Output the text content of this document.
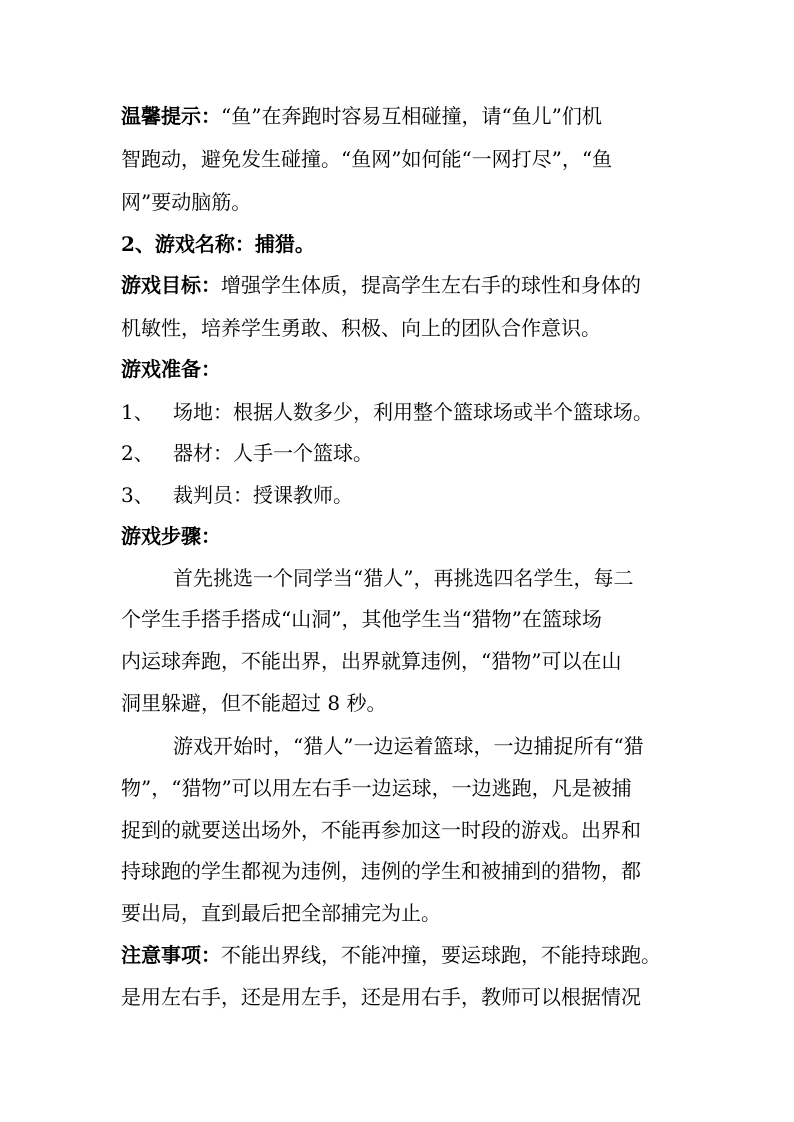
温馨提示：“鱼”在奔跑时容易互相碰撞，请“鱼儿”们机
智跑动，避免发生碰撞。“鱼网”如何能“一网打尽”，“鱼
网”要动脑筋。
2、游戏名称：捕猎。
游戏目标：增强学生体质，提高学生左右手的球性和身体的
机敏性，培养学生勇敢、积极、向上的团队合作意识。
游戏准备：
1、 场地：根据人数多少，利用整个篮球场或半个篮球场。
2、 器材：人手一个篮球。
3、 裁判员：授课教师。
游戏步骤：
首先挑选一个同学当“猎人”，再挑选四名学生，每二
个学生手搭手搭成“山洞”，其他学生当“猎物”在篮球场
内运球奔跑，不能出界，出界就算违例，“猎物”可以在山
洞里躲避，但不能超过 8 秒。
游戏开始时，“猎人”一边运着篮球，一边捕捉所有“猎
物”，“猎物”可以用左右手一边运球，一边逃跑，凡是被捕
捉到的就要送出场外，不能再参加这一时段的游戏。出界和
持球跑的学生都视为违例，违例的学生和被捕到的猎物，都
要出局，直到最后把全部捕完为止。
注意事项：不能出界线，不能冲撞，要运球跑，不能持球跑。
是用左右手，还是用左手，还是用右手，教师可以根据情况
